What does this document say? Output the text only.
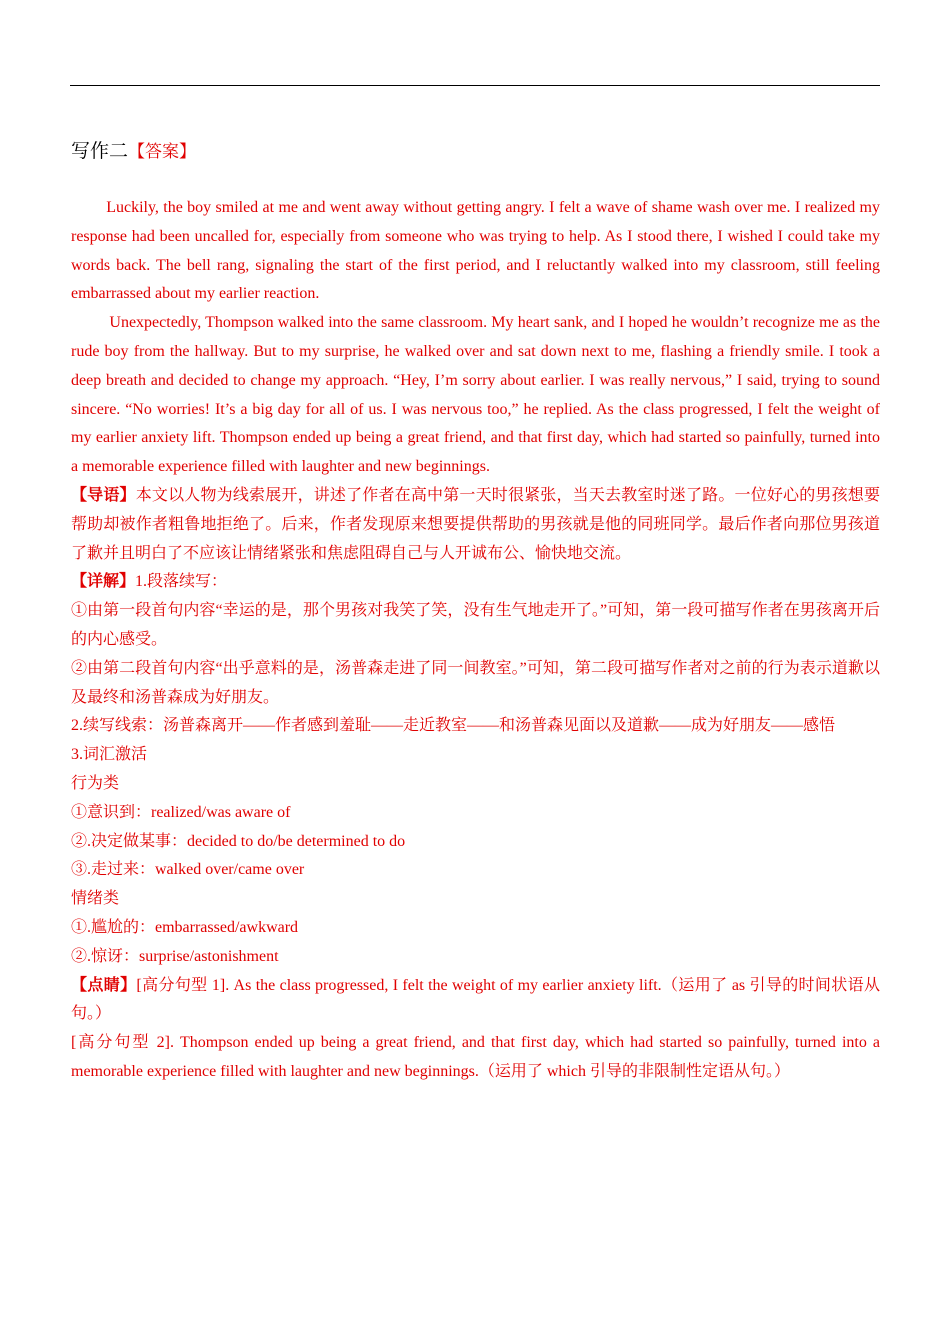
写作二【答案】

Luckily, the boy smiled at me and went away without getting angry. I felt a wave of shame wash over me. I realized my response had been uncalled for, especially from someone who was trying to help. As I stood there, I wished I could take my words back. The bell rang, signaling the start of the first period, and I reluctantly walked into my classroom, still feeling embarrassed about my earlier reaction.

Unexpectedly, Thompson walked into the same classroom. My heart sank, and I hoped he wouldn’t recognize me as the rude boy from the hallway. But to my surprise, he walked over and sat down next to me, flashing a friendly smile. I took a deep breath and decided to change my approach. “Hey, I’m sorry about earlier. I was really nervous,” I said, trying to sound sincere. “No worries! It’s a big day for all of us. I was nervous too,” he replied. As the class progressed, I felt the weight of my earlier anxiety lift. Thompson ended up being a great friend, and that first day, which had started so painfully, turned into a memorable experience filled with laughter and new beginnings.

【导语】本文以人物为线索展开，讲述了作者在高中第一天时很紧张，当天去教室时迷了路。一位好心的男孩想要帮助却被作者粗鲁地拒绝了。后来，作者发现原来想要提供帮助的男孩就是他的同班同学。最后作者向那位男孩道了歉并且明白了不应该让情绪紧张和焦虑阻碍自己与人开诚布公、愉快地交流。

【详解】1.段落续写：

①由第一段首句内容“幸运的是，那个男孩对我笑了笑，没有生气地走开了。”可知，第一段可描写作者在男孩离开后的内心感受。

②由第二段首句内容“出乎意料的是，汤普森走进了同一间教室。”可知，第二段可描写作者对之前的行为表示道歉以及最终和汤普森成为好朋友。

2.续写线索：汤普森离开——作者感到羞耻——走近教室——和汤普森见面以及道歉——成为好朋友——感悟

3.词汇激活

行为类

①意识到：realized/was aware of

②.决定做某事：decided to do/be determined to do

③.走过来：walked over/came over

情绪类

①.尴尬的：embarrassed/awkward

②.惊讶：surprise/astonishment

【点睛】[高分句型 1]. As the class progressed, I felt the weight of my earlier anxiety lift.（运用了 as 引导的时间状语从句。）

[高分句型 2]. Thompson ended up being a great friend, and that first day, which had started so painfully, turned into a memorable experience filled with laughter and new beginnings.（运用了 which 引导的非限制性定语从句。）
